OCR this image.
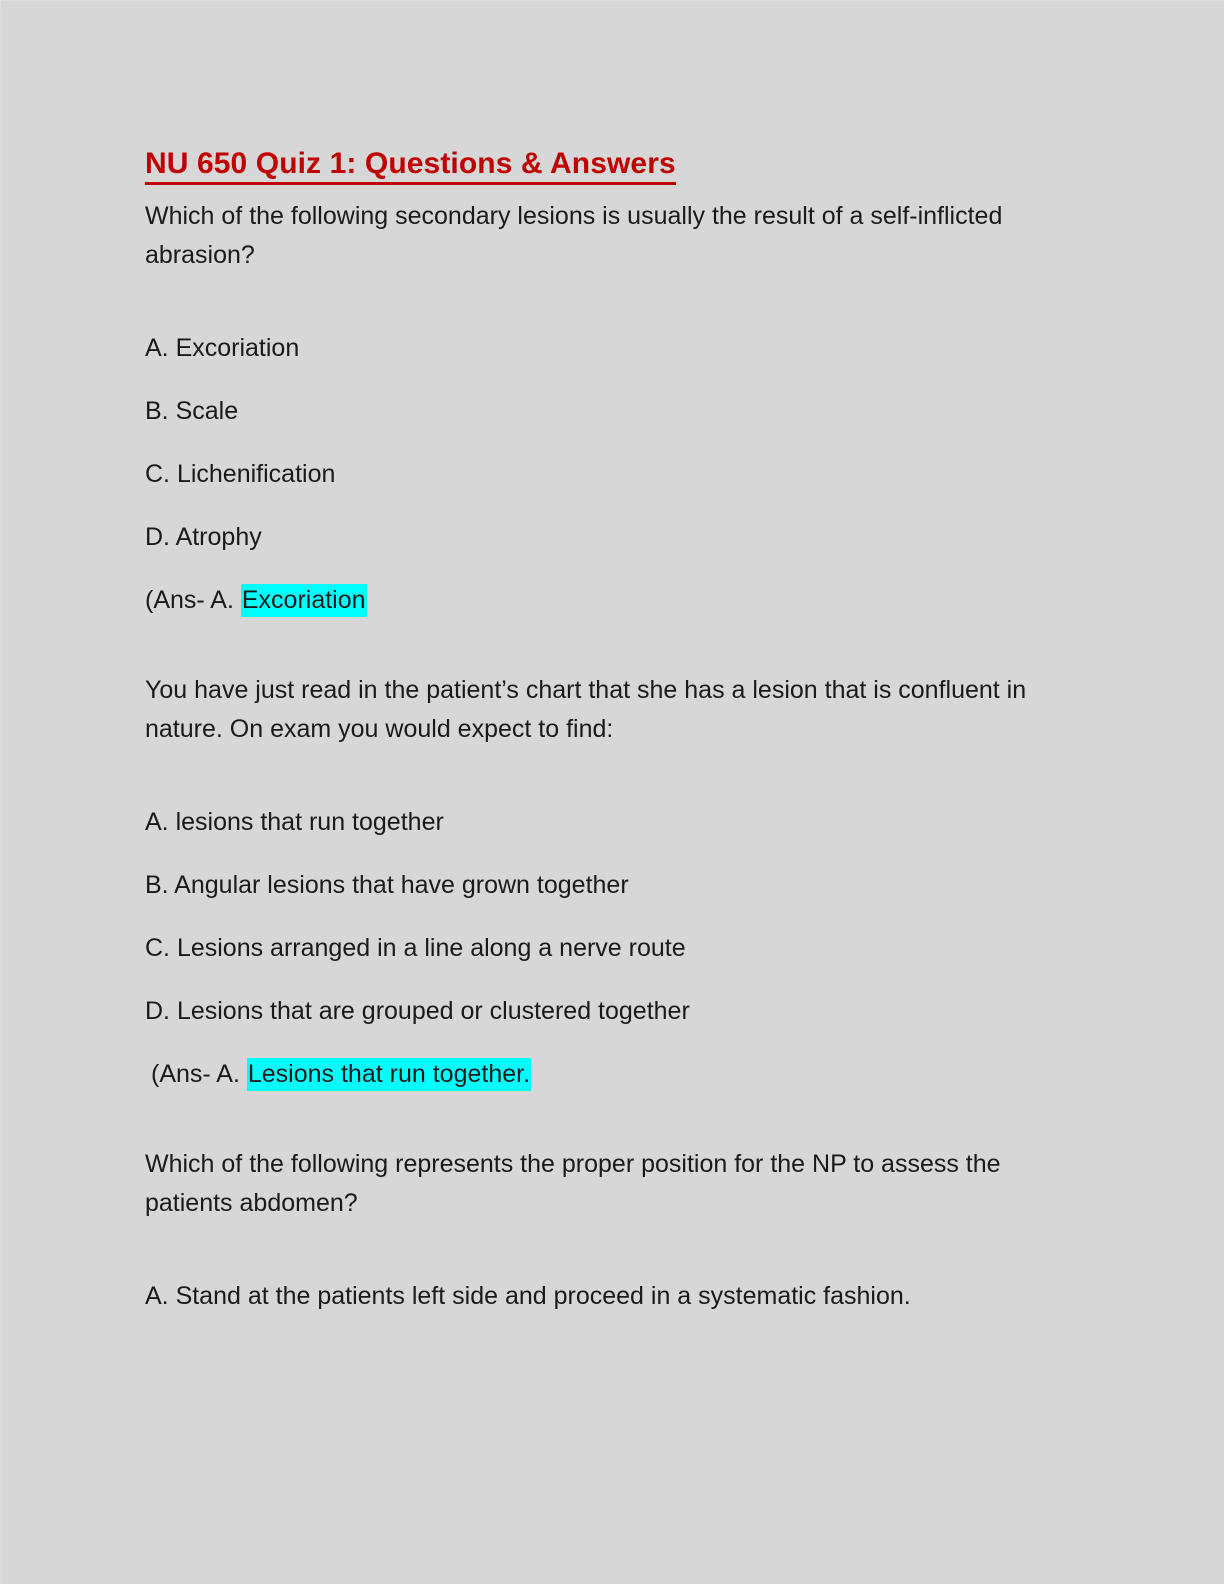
NU 650 Quiz 1: Questions & Answers

Which of the following secondary lesions is usually the result of a self-inflicted abrasion?

A. Excoriation
B. Scale
C. Lichenification
D. Atrophy

(Ans- A. Excoriation

You have just read in the patient’s chart that she has a lesion that is confluent in nature. On exam you would expect to find:

A. lesions that run together
B. Angular lesions that have grown together
C. Lesions arranged in a line along a nerve route
D. Lesions that are grouped or clustered together

(Ans- A. Lesions that run together.

Which of the following represents the proper position for the NP to assess the patients abdomen?

A. Stand at the patients left side and proceed in a systematic fashion.
